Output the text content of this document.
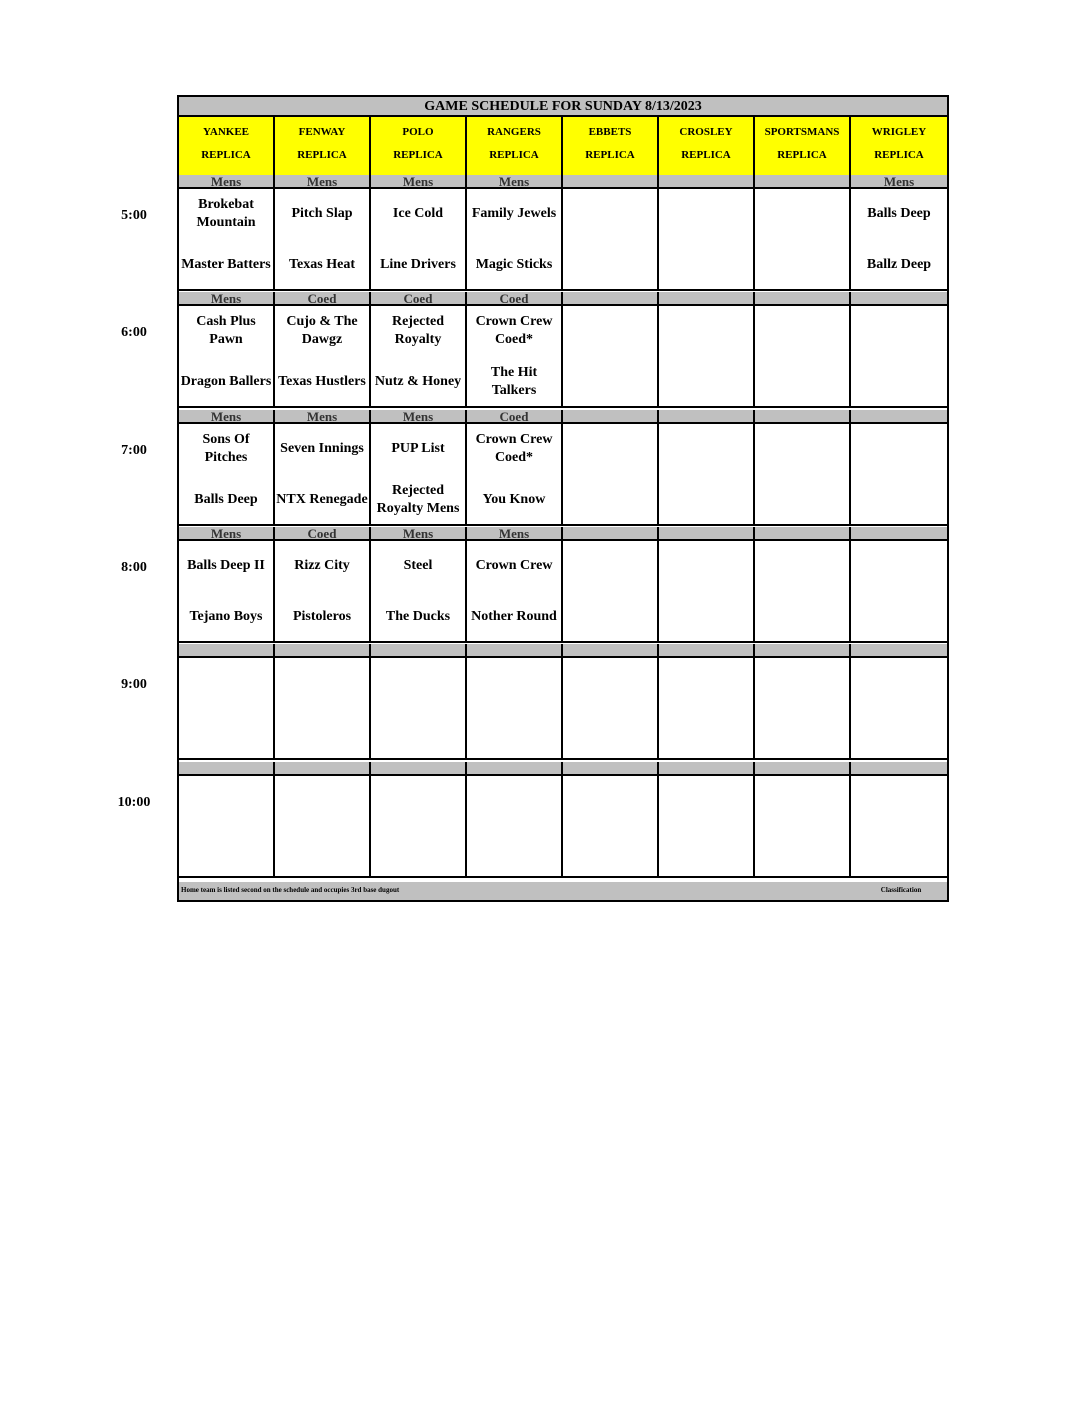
GAME SCHEDULE FOR SUNDAY 8/13/2023
YANKEE
REPLICA
FENWAY
REPLICA
POLO
REPLICA
RANGERS
REPLICA
EBBETS
REPLICA
CROSLEY
REPLICA
SPORTSMANS
REPLICA
WRIGLEY
REPLICA
Mens
Brokebat Mountain
Master Batters
Mens
Pitch Slap
Texas Heat
Mens
Ice Cold
Line Drivers
Mens
Family Jewels
Magic Sticks
Mens
Balls Deep
Ballz Deep
Mens
Cash Plus Pawn
Dragon Ballers
Coed
Cujo & The Dawgz
Texas Hustlers
Coed
Rejected Royalty
Nutz & Honey
Coed
Crown Crew Coed*
The Hit Talkers
Mens
Sons Of Pitches
Balls Deep
Mens
Seven Innings
NTX Renegade
Mens
PUP List
Rejected Royalty Mens
Coed
Crown Crew Coed*
You Know
Mens
Balls Deep II
Tejano Boys
Coed
Rizz City
Pistoleros
Mens
Steel
The Ducks
Mens
Crown Crew
Nother Round
Home team is listed second on the schedule and occupies 3rd base dugout	Classification
5:00
6:00
7:00
8:00
9:00
10:00
